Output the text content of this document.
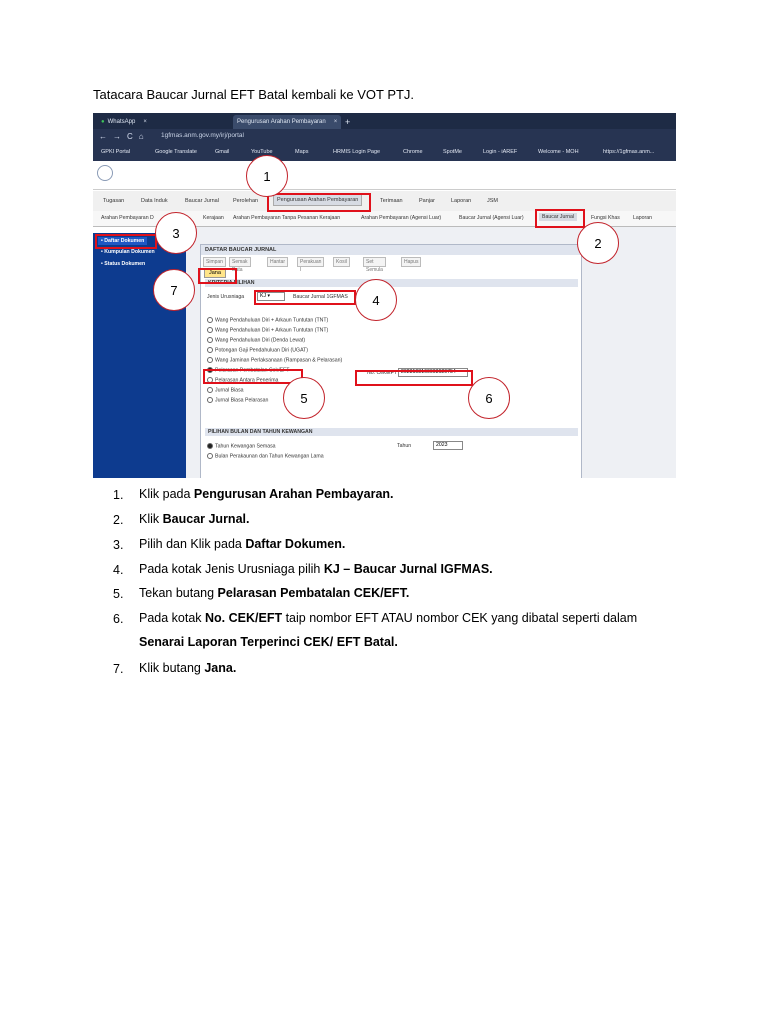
Tatacara Baucar Jurnal EFT Batal kembali ke VOT PTJ.
● WhatsApp ×	Pengurusan Arahan Pembayaran × +
←→C⌂ 1gfmas.anm.gov.my/irj/portal
GPKI Portal	Google Translate	Gmail	YouTube	Maps	HRMIS Login Page	Chrome	SpotMe	Login - iAREF	Welcome - MOH	https://1gfmas.anm...
Tugasan	Data Induk	Baucar Jurnal	Perolehan	Pengurusan Arahan Pembayaran	Terimaan	Panjar	Laporan	JSM
Arahan Pembayaran D	Kerajaan Arahan Pembayaran Tanpa Pesanan Kerajaan	Arahan Pembayaran (Agensi Luar)	Baucar Jurnal (Agensi Luar)	Baucar Jurnal	Fungsi Khas	Laporan
• Daftar Dokumen
• Kumpulan Dokumen
• Status Dokumen
DAFTAR BAUCAR JURNAL
Simpan	Semak Data
Hantar	Perakuan I
Kosil	Set Semula
Hapus
Jana
KRITERIA PILIHAN
Jenis Urusniaga	KJ ▾	Baucar Jurnal 1GFMAS
Wang Pendahuluan Diri + Arkaun Tuntutan (TNT)
Wang Pendahuluan Diri + Arkaun Tuntutan (TNT)
Wang Pendahuluan Diri (Denda Lewat)
Potongan Gaji Pendahuluan Diri (UGAT)
Wang Jaminan Perlaksanaan (Rampasan & Pelarasan)
Pelarasan Pembatalan Cek/EFT
Pelarasan Antara Penerima
Jurnal Biasa
Jurnal Biasa Pelarasan
No. Cek/EFT 2023103160003620754
PILIHAN BULAN DAN TAHUN KEWANGAN
Tahun Kewangan Semasa
Bulan Perakaunan dan Tahun Kewangan Lama
Tahun	2023
1
2
3
4
5	6
7
1. Klik pada Pengurusan Arahan Pembayaran.
2. Klik Baucar Jurnal.
3. Pilih dan Klik pada Daftar Dokumen.
4. Pada kotak Jenis Urusniaga pilih KJ – Baucar Jurnal IGFMAS.
5. Tekan butang Pelarasan Pembatalan CEK/EFT.
6. Pada kotak No. CEK/EFT taip nombor EFT ATAU nombor CEK yang dibatal seperti dalam
Senarai Laporan Terperinci CEK/ EFT Batal.
7. Klik butang Jana.
